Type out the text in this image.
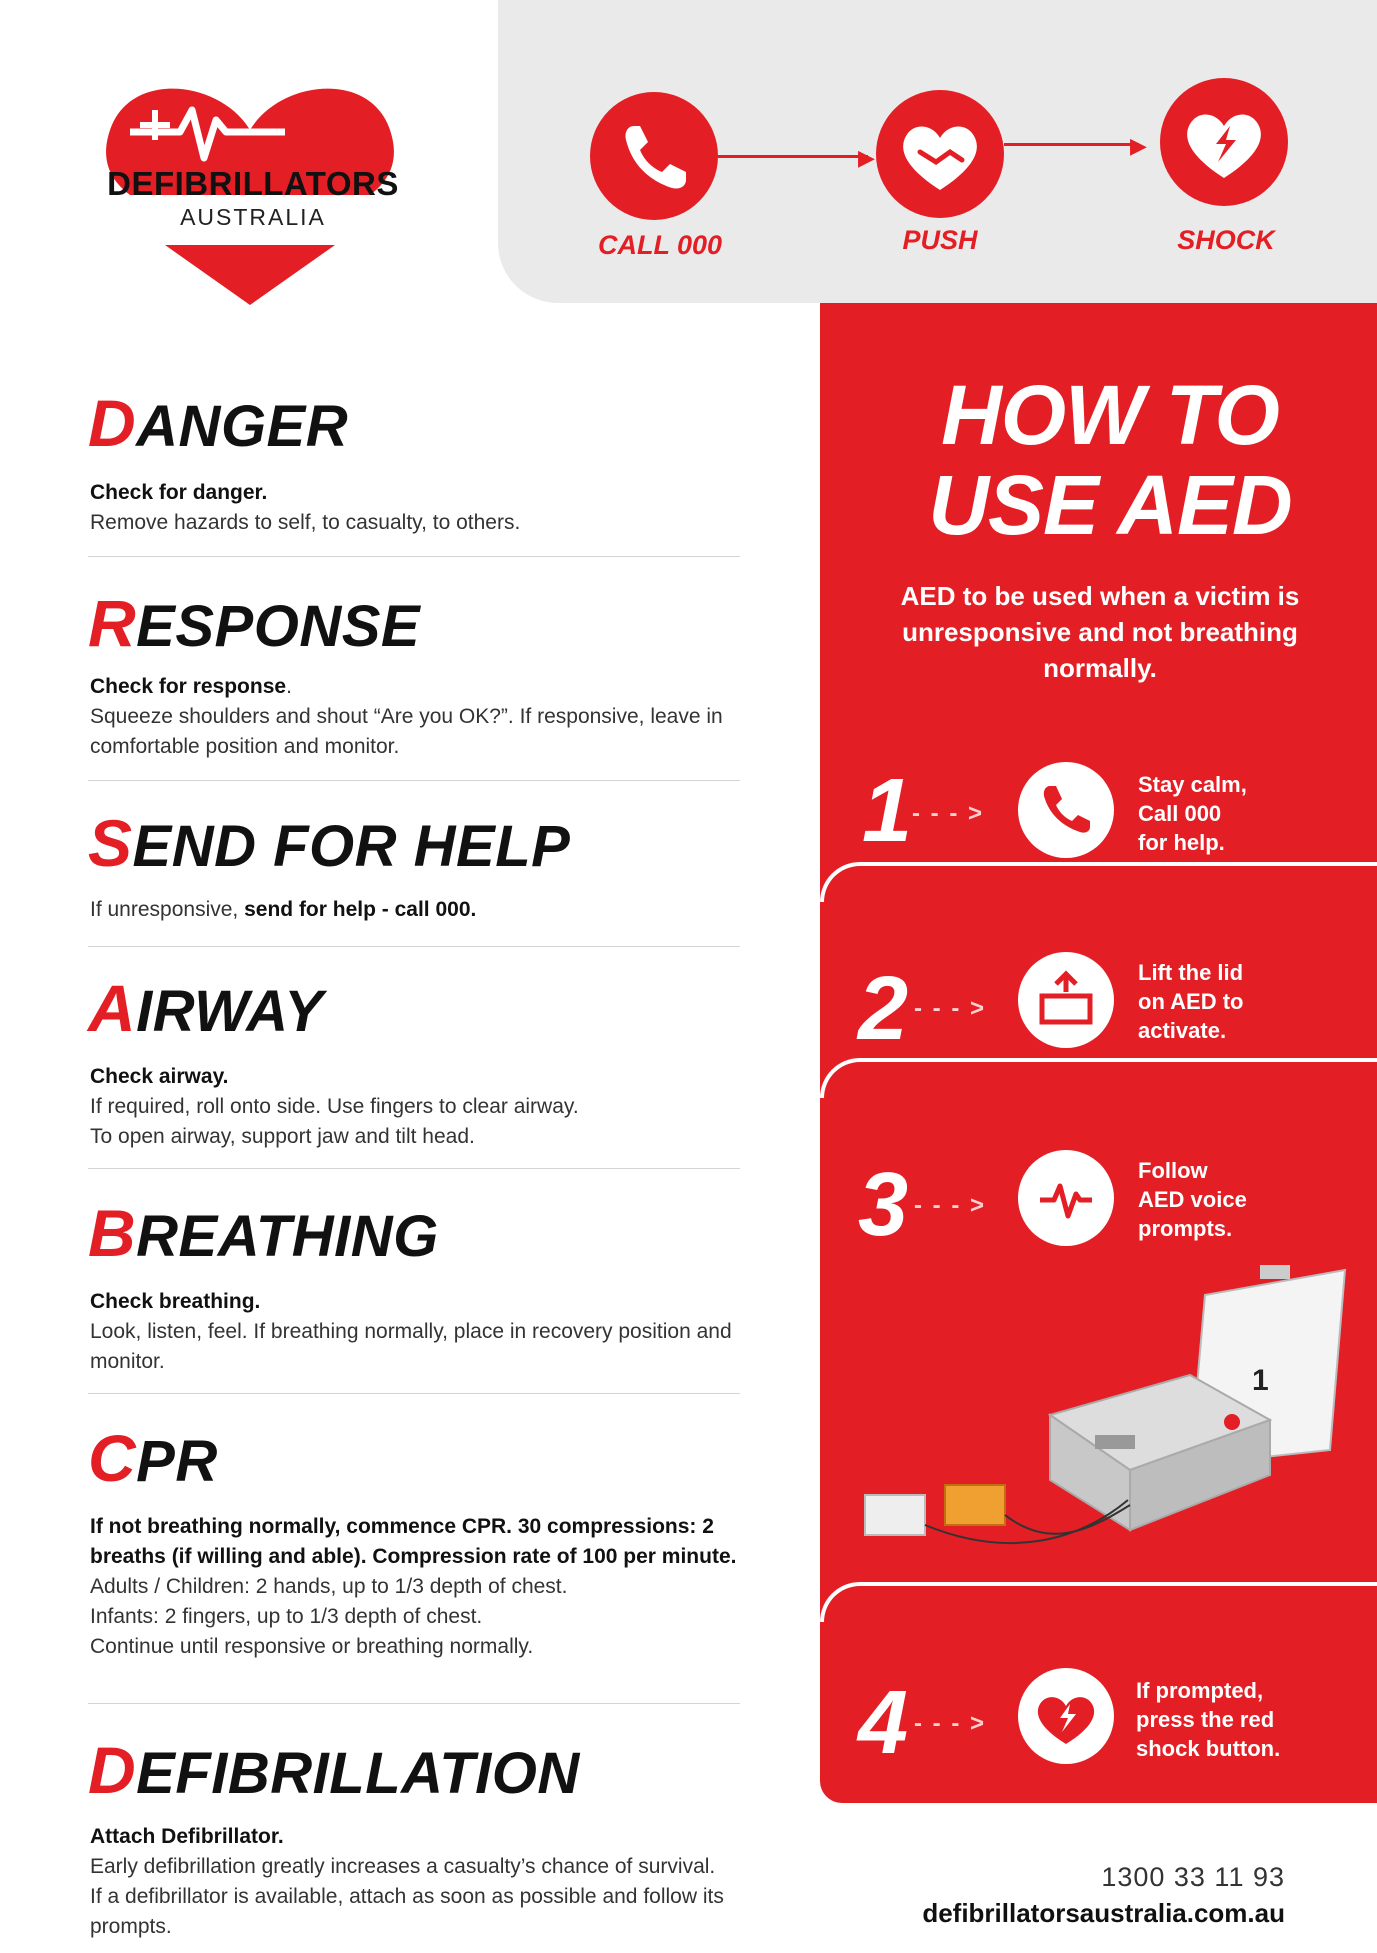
DEFIBRILLATORS
AUSTRALIA
▶	▶
CALL 000	PUSH	SHOCK
DANGER
Check for danger.
Remove hazards to self, to casualty, to others.
RESPONSE
Check for response.
Squeeze shoulders and shout “Are you OK?”. If responsive, leave in comfortable position and monitor.
SEND FOR HELP
If unresponsive, send for help - call 000.
AIRWAY
Check airway.
If required, roll onto side. Use fingers to clear airway.
To open airway, support jaw and tilt head.
BREATHING
Check breathing.
Look, listen, feel. If breathing normally, place in recovery position and monitor.
CPR
If not breathing normally, commence CPR. 30 compressions: 2 breaths (if willing and able). Compression rate of 100 per minute.
Adults / Children: 2 hands, up to 1/3 depth of chest.
Infants: 2 fingers, up to 1/3 depth of chest.
Continue until responsive or breathing normally.
DEFIBRILLATION
Attach Defibrillator.
Early defibrillation greatly increases a casualty’s chance of survival. If a defibrillator is available, attach as soon as possible and follow its prompts.
HOW TO
USE AED
AED to be used when a victim is unresponsive and not breathing normally.
1 - - - >
Stay calm,
Call 000
for help.
2 - - - >
Lift the lid
on AED to
activate.
3 - - - >
Follow
AED voice
prompts.
1
4 - - - >
If prompted,
press the red
shock button.
1300 33 11 93
defibrillatorsaustralia.com.au
